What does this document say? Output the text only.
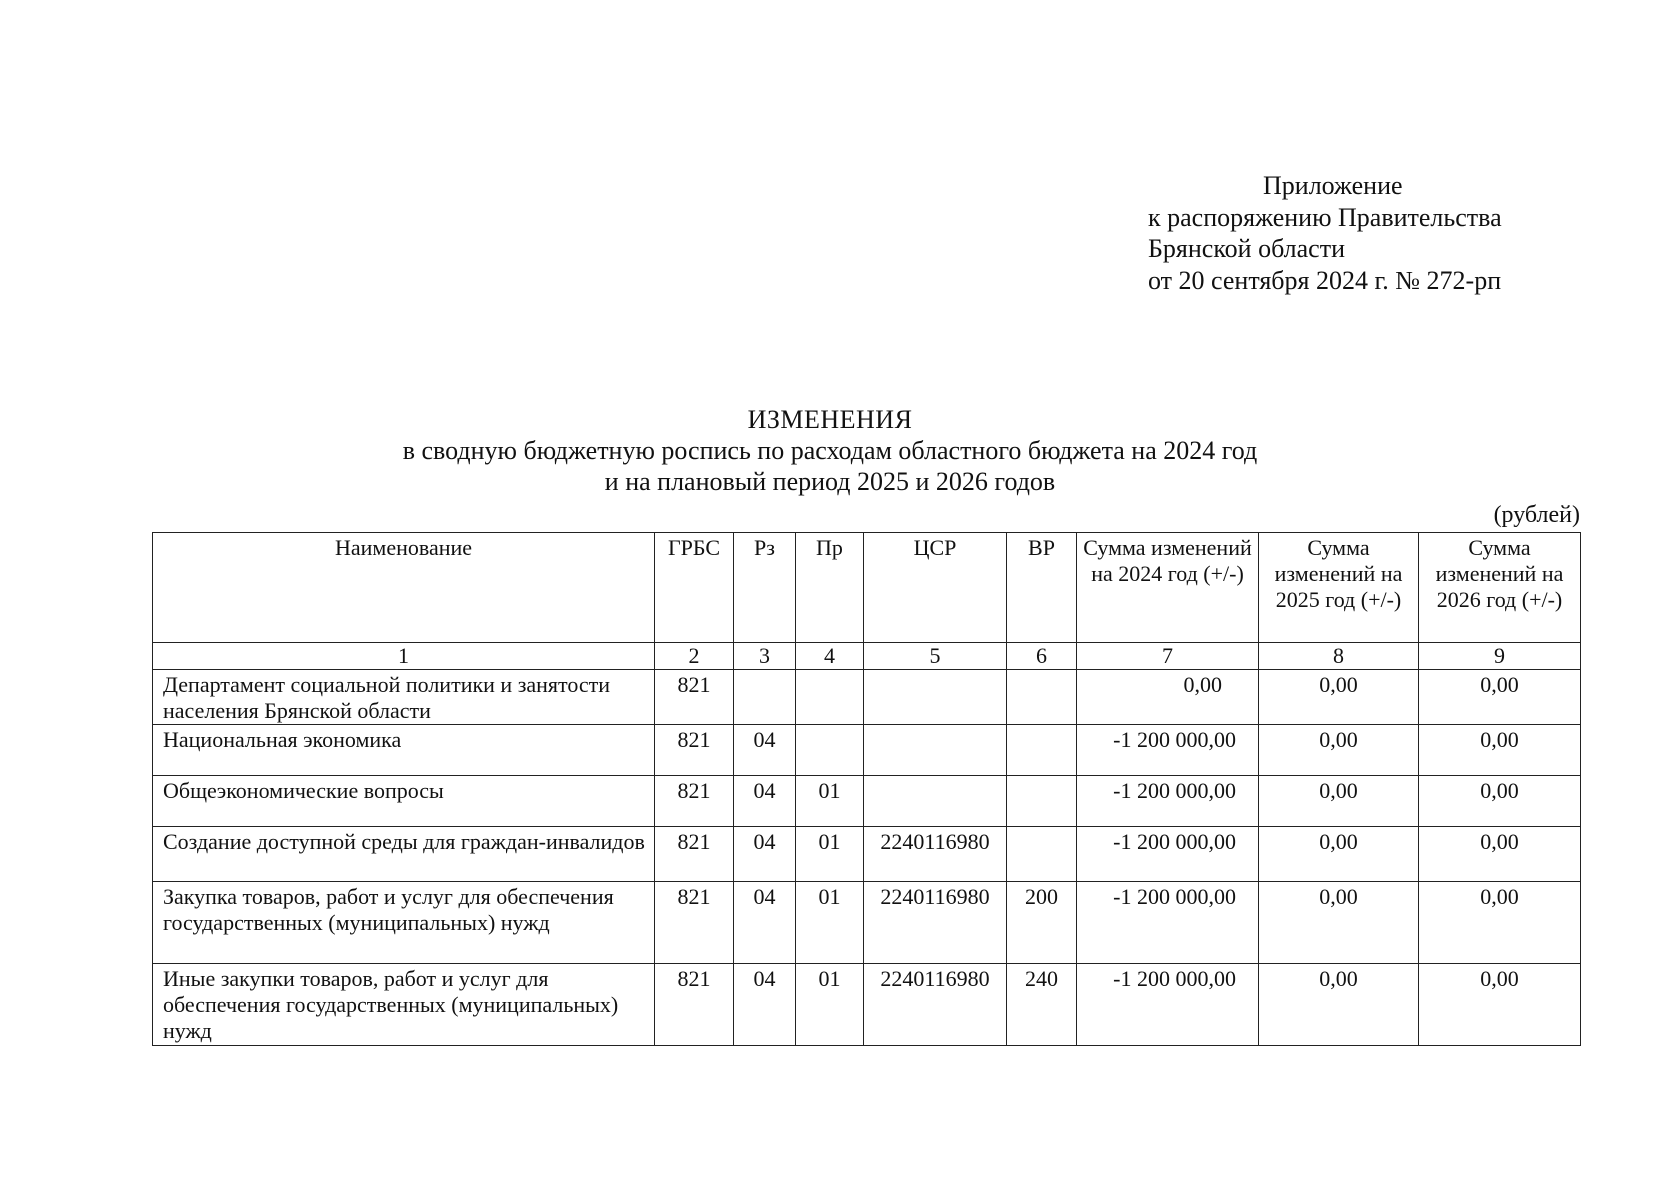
Приложение
к распоряжению Правительства
Брянской области
от 20 сентября 2024 г. № 272-рп
ИЗМЕНЕНИЯ
в сводную бюджетную роспись по расходам областного бюджета на 2024 год
и на плановый период 2025 и 2026 годов
(рублей)
Наименование	ГРБС	Рз	Пр	ЦСР	ВР	Сумма изменений на 2024 год (+/-)	Сумма изменений на 2025 год (+/-)	Сумма изменений на 2026 год (+/-)
1	2	3	4	5	6	7	8	9
Департамент социальной политики и занятости населения Брянской области	821					0,00	0,00	0,00
Национальная экономика	821	04				-1 200 000,00	0,00	0,00
Общеэкономические вопросы	821	04	01			-1 200 000,00	0,00	0,00
Создание доступной среды для граждан-инвалидов	821	04	01	2240116980		-1 200 000,00	0,00	0,00
Закупка товаров, работ и услуг для обеспечения государственных (муниципальных) нужд	821	04	01	2240116980	200	-1 200 000,00	0,00	0,00
Иные закупки товаров, работ и услуг для обеспечения государственных (муниципальных) нужд	821	04	01	2240116980	240	-1 200 000,00	0,00	0,00
